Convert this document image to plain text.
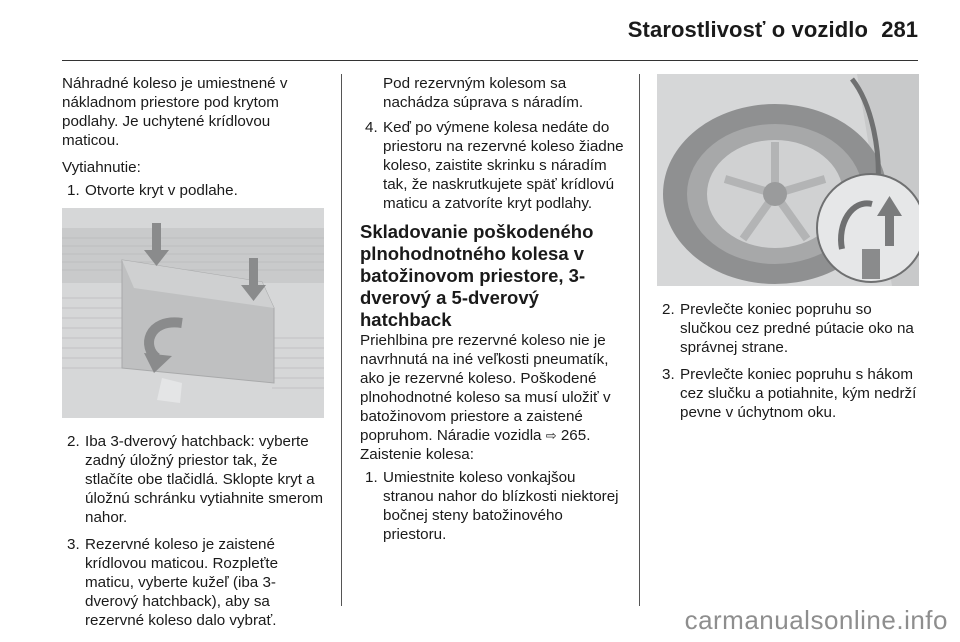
Starostlivosť o vozidlo 281

Náhradné koleso je umiestnené v nákladnom priestore pod krytom podlahy. Je uchytené krídlovou maticou.

Vytiahnutie:

1. Otvorte kryt v podlahe.
2. Iba 3-dverový hatchback: vyberte zadný úložný priestor tak, že stlačíte obe tlačidlá. Sklopte kryt a úložnú schránku vytiahnite smerom nahor.
3. Rezervné koleso je zaistené krídlovou maticou. Rozpleťte maticu, vyberte kužeľ (iba 3-dverový hatchback), aby sa rezervné koleso dalo vybrať.
Pod rezervným kolesom sa nachádza súprava s náradím.
4. Keď po výmene kolesa nedáte do priestoru na rezervné koleso žiadne koleso, zaistite skrinku s náradím tak, že naskrutkujete späť krídlovú maticu a zatvoríte kryt podlahy.
Skladovanie poškodeného plnohodnotného kolesa v batožinovom priestore, 3-dverový a 5-dverový hatchback

Priehlbina pre rezervné koleso nie je navrhnutá na iné veľkosti pneumatík, ako je rezervné koleso. Poškodené plnohodnotné koleso sa musí uložiť v batožinovom priestore a zaistené popruhom. Náradie vozidla ⇨ 265.

Zaistenie kolesa:

1. Umiestnite koleso vonkajšou stranou nahor do blízkosti niektorej bočnej steny batožinového priestoru.
2. Prevlečte koniec popruhu so slučkou cez predné pútacie oko na správnej strane.
3. Prevlečte koniec popruhu s hákom cez slučku a potiahnite, kým nedrží pevne v úchytnom oku.
carmanualsonline.info
